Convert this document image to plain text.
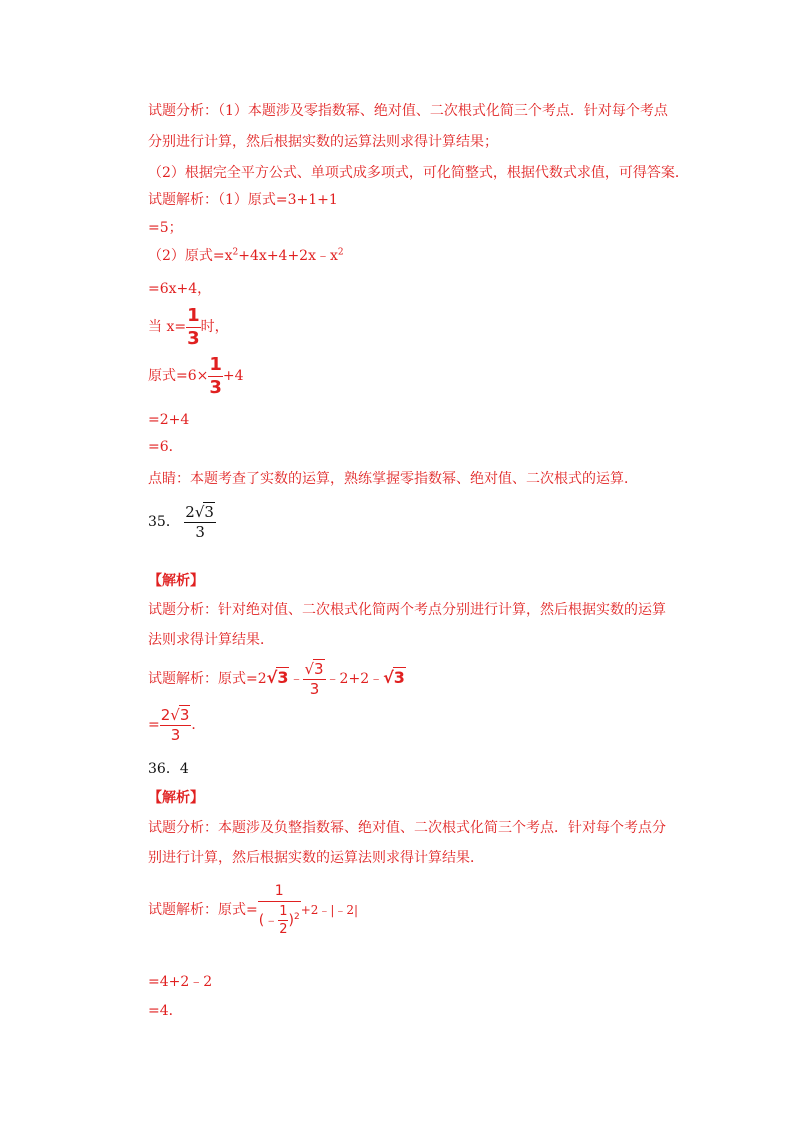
试题分析：（1）本题涉及零指数幂、绝对值、二次根式化简三个考点．针对每个考点
分别进行计算，然后根据实数的运算法则求得计算结果；
（2）根据完全平方公式、单项式成多项式，可化简整式，根据代数式求值，可得答案．
试题解析：（1）原式=3+1+1
=5；
（2）原式$=x^2+4x+4+2x﹣x^2$
=6x+4，
当 $x= \frac{1}{3}$ 时，
原式$=6\times \frac{1}{3} +4$
=2+4
=6．
点睛：本题考查了实数的运算，熟练掌握零指数幂、绝对值、二次根式的运算．
35． $\frac{2√3}{3}$
【解析】
试题分析：针对绝对值、二次根式化简两个考点分别进行计算，然后根据实数的运算
法则求得计算结果．
试题解析：原式=2√3﹣ $\frac{√3}{3}$ ﹣2+2﹣√3
= $\frac{2√3}{3}$ ．
36．4
【解析】
试题分析：本题涉及负整指数幂、绝对值、二次根式化简三个考点．针对每个考点分
别进行计算，然后根据实数的运算法则求得计算结果．
试题解析：原式= $\frac{1}{(﹣ \frac{1}{2} )^2}$ +2﹣|﹣2|
=4+2﹣2
=4．
